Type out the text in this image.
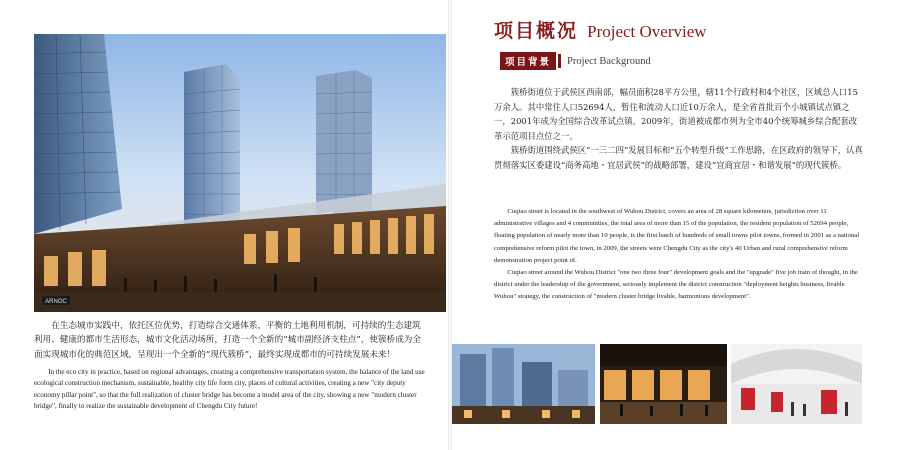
ARNOC

在生态城市实践中，依托区位优势，打造综合交通体系，平衡的土地利用机制，可持续的生态建筑利用、健康的都市生活形态，城市文化活动场所，打造一个全新的“城市副经济支柱点”，使簇桥成为全面实现城市化的典范区域，呈现出一个全新的“现代簇桥”，最终实现成都市的可持续发展未来！

In the eco city in practice, based on regional advantages, creating a comprehensive transportation system, the balance of the land use ecological construction mechanism, sustainable, healthy city life form city, places of cultural activities, creating a new "city deputy economy pillar point", so that the full realization of cluster bridge has become a model area of the city, showing a new "modern cluster bridge", finally to realize the sustainable development of Chengdu City future!

项目概况 Project Overview
项目背景	Project Background

簇桥街道位于武侯区西南部，幅员面积28平方公里，辖11个行政村和4个社区，区域总人口15万余人。其中常住人口52694人，暂住和流动人口近10万余人，是全省首批百个小城镇试点镇之一，2001年成为全国综合改革试点镇，2009年，街道被成都市列为全市40个统筹城乡综合配套改革示范项目点位之一。

簇桥街道围绕武侯区“一三二四”发展目标和“五个转型升级”工作思路，在区政府的领导下，认真贯彻落实区委建设“商务高地・宜居武侯”的战略部署，建设“宜商宜居・和谐发展”的现代簇桥。

Cuqiao street is located in the southwest of Wuhou District, covers an area of 28 square kilometers, jurisdiction over 11 administrative villages and 4 communities, the total area of more than 15 of the population, the resident population of 52694 people, floating population of nearly more than 10 people, is the first batch of hundreds of small towns pilot towns, formed in 2001 as a national comprehensive reform pilot the town, in 2009, the streets were Chengdu City as the city's 40 Urban and rural comprehensive reform demonstration project point of.

Cuqiao street around the Wuhou District "one two three four" development goals and the "upgrade" five job train of thought, in the district under the leadership of the government, seriously implement the district construction "deployment heights business, livable Wuhou" strategy, the construction of "modern cluster bridge livable, harmonious development".
